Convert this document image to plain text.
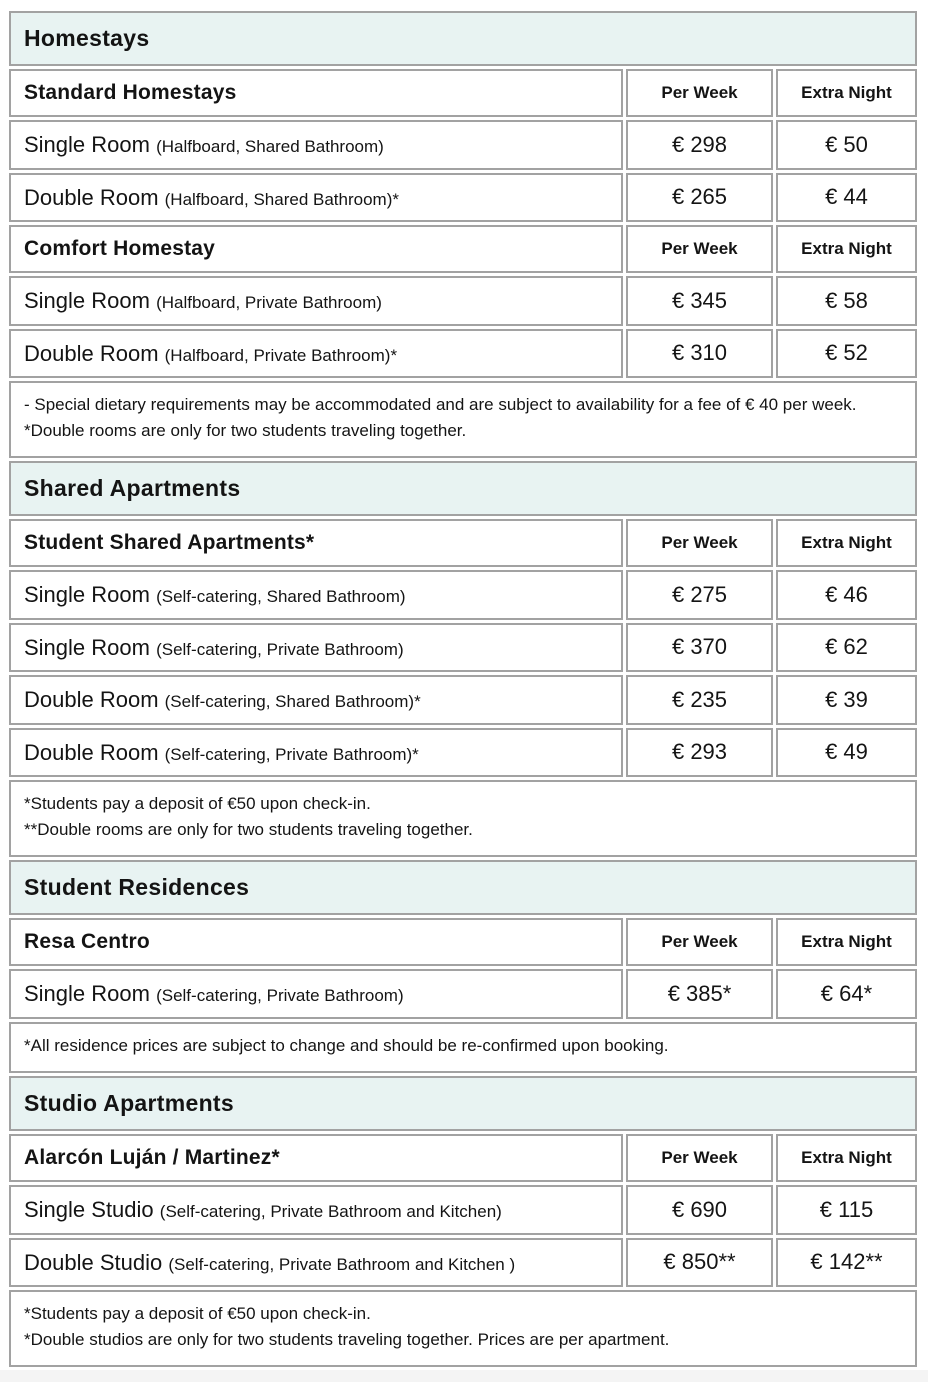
Homestays		
Standard Homestays	Per Week	Extra Night
Single Room (Halfboard, Shared Bathroom)	€ 298	€ 50
Double Room (Halfboard, Shared Bathroom)*	€ 265	€ 44
Comfort Homestay	Per Week	Extra Night
Single Room (Halfboard, Private Bathroom)	€ 345	€ 58
Double Room (Halfboard, Private Bathroom)*	€ 310	€ 52

- Special dietary requirements may be accommodated and are subject to availability for a fee of € 40 per week.
*Double rooms are only for two students traveling together.		

Shared Apartments		
Student Shared Apartments*	Per Week	Extra Night
Single Room (Self-catering, Shared Bathroom)	€ 275	€ 46
Single Room (Self-catering, Private Bathroom)	€ 370	€ 62
Double Room (Self-catering, Shared Bathroom)*	€ 235	€ 39
Double Room (Self-catering, Private Bathroom)*	€ 293	€ 49

*Students pay a deposit of €50 upon check-in.
**Double rooms are only for two students traveling together.		

Student Residences		
Resa Centro	Per Week	Extra Night
Single Room (Self-catering, Private Bathroom)	€ 385*	€ 64*

*All residence prices are subject to change and should be re-confirmed upon booking.		

Studio Apartments		
Alarcón Luján / Martinez*	Per Week	Extra Night
Single Studio (Self-catering, Private Bathroom and Kitchen)	€ 690	€ 115
Double Studio (Self-catering, Private Bathroom and Kitchen )	€ 850**	€ 142**

*Students pay a deposit of €50 upon check-in.
*Double studios are only for two students traveling together. Prices are per apartment.		
